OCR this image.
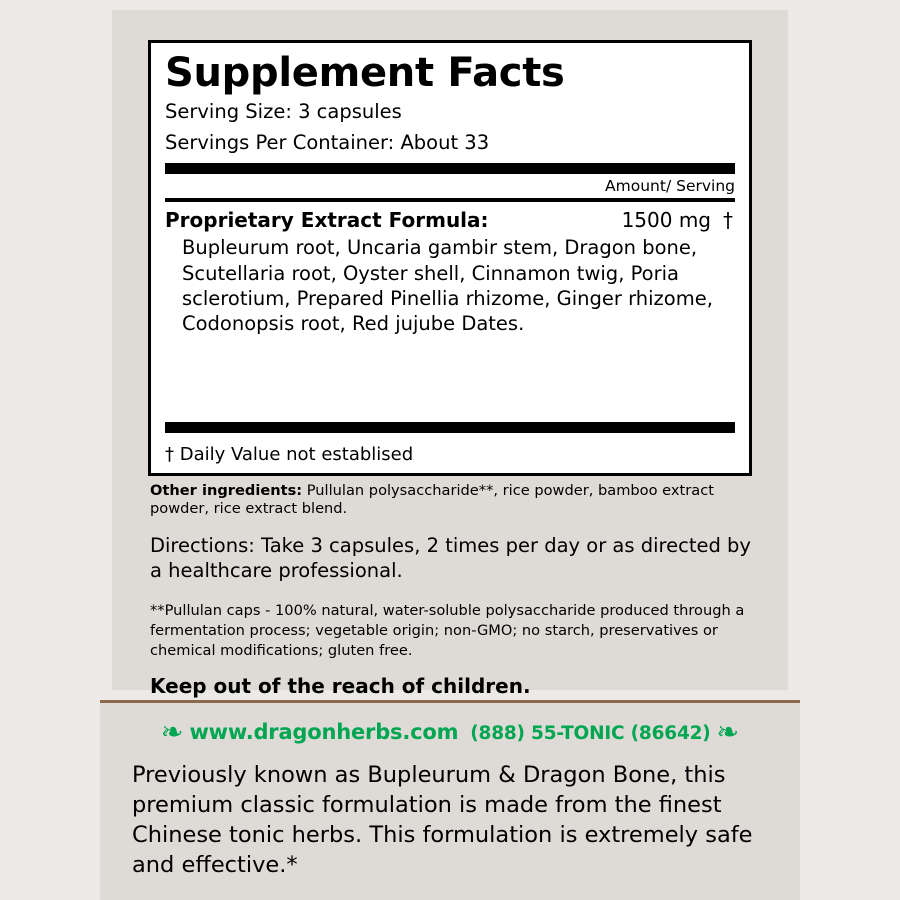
Supplement Facts
Serving Size: 3 capsules
Servings Per Container: About 33
Amount/ Serving
Proprietary Extract Formula:	1500 mg †
Bupleurum root, Uncaria gambir stem, Dragon bone, Scutellaria root, Oyster shell, Cinnamon twig, Poria sclerotium, Prepared Pinellia rhizome, Ginger rhizome, Codonopsis root, Red jujube Dates.
† Daily Value not establised
Other ingredients: Pullulan polysaccharide**, rice powder, bamboo extract powder, rice extract blend.
Directions: Take 3 capsules, 2 times per day or as directed by a healthcare professional.
**Pullulan caps - 100% natural, water-soluble polysaccharide produced through a fermentation process; vegetable origin; non-GMO; no starch, preservatives or chemical modifications; gluten free.
Keep out of the reach of children.
❧ www.dragonherbs.com (888) 55-TONIC (86642) ❧
Previously known as Bupleurum & Dragon Bone, this premium classic formulation is made from the finest Chinese tonic herbs. This formulation is extremely safe and effective.*
